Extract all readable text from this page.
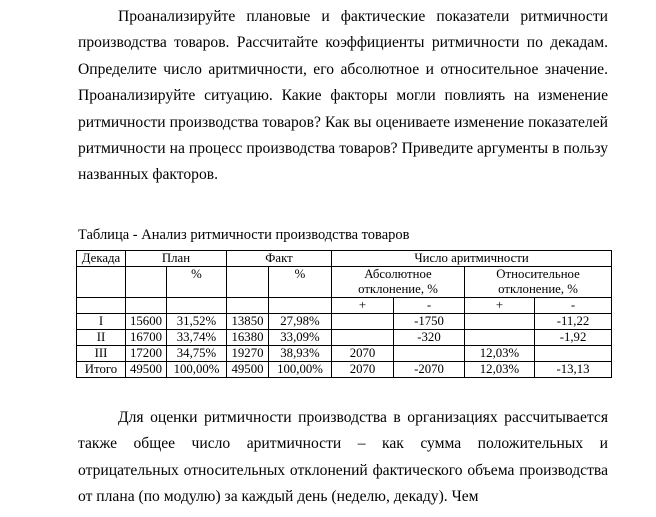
Проанализируйте плановые и фактические показатели ритмичности производства товаров. Рассчитайте коэффициенты ритмичности по декадам. Определите число аритмичности, его абсолютное и относительное значение. Проанализируйте ситуацию. Какие факторы могли повлиять на изменение ритмичности производства товаров? Как вы оцениваете изменение показателей ритмичности на процесс производства товаров? Приведите аргументы в пользу названных факторов.

Таблица - Анализ ритмичности производства товаров
Декада	План		Факт		Число аритмичности			
		%		%	Абсолютное отклонение, %		Относительное отклонение, %	
					+	-	+	-
I	15600	31,52%	13850	27,98%		-1750		-11,22
II	16700	33,74%	16380	33,09%		-320		-1,92
III	17200	34,75%	19270	38,93%	2070		12,03%	
Итого	49500	100,00%	49500	100,00%	2070	-2070	12,03%	-13,13

Для оценки ритмичности производства в организациях рассчитывается также общее число аритмичности – как сумма положительных и отрицательных относительных отклонений фактического объема производства от плана (по модулю) за каждый день (неделю, декаду). Чем
